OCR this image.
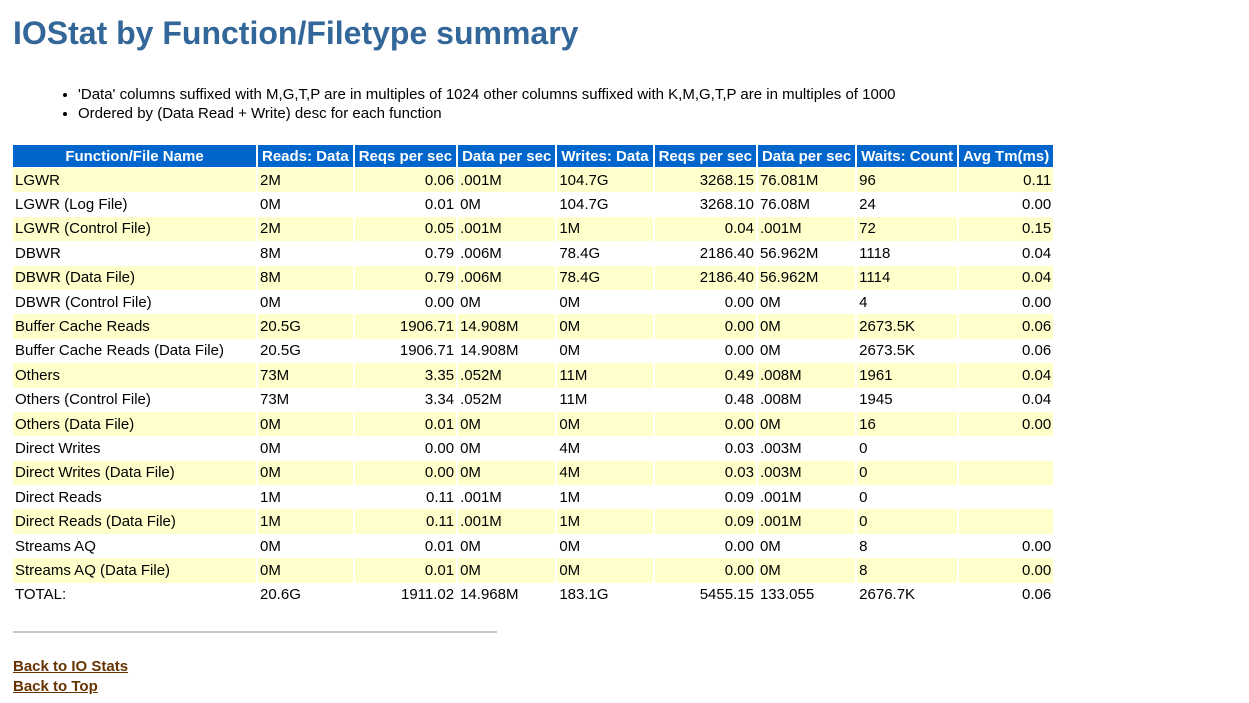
IOStat by Function/Filetype summary
• 'Data' columns suffixed with M,G,T,P are in multiples of 1024 other columns suffixed with K,M,G,T,P are in multiples of 1000
• Ordered by (Data Read + Write) desc for each function
Function/File Name	Reads: Data	Reqs per sec	Data per sec	Writes: Data	Reqs per sec	Data per sec	Waits: Count	Avg Tm(ms)
LGWR	2M	0.06	.001M	104.7G	3268.15	76.081M	96	0.11
LGWR (Log File)	0M	0.01	0M	104.7G	3268.10	76.08M	24	0.00
LGWR (Control File)	2M	0.05	.001M	1M	0.04	.001M	72	0.15
DBWR	8M	0.79	.006M	78.4G	2186.40	56.962M	1118	0.04
DBWR (Data File)	8M	0.79	.006M	78.4G	2186.40	56.962M	1114	0.04
DBWR (Control File)	0M	0.00	0M	0M	0.00	0M	4	0.00
Buffer Cache Reads	20.5G	1906.71	14.908M	0M	0.00	0M	2673.5K	0.06
Buffer Cache Reads (Data File)	20.5G	1906.71	14.908M	0M	0.00	0M	2673.5K	0.06
Others	73M	3.35	.052M	11M	0.49	.008M	1961	0.04
Others (Control File)	73M	3.34	.052M	11M	0.48	.008M	1945	0.04
Others (Data File)	0M	0.01	0M	0M	0.00	0M	16	0.00
Direct Writes	0M	0.00	0M	4M	0.03	.003M	0	
Direct Writes (Data File)	0M	0.00	0M	4M	0.03	.003M	0	
Direct Reads	1M	0.11	.001M	1M	0.09	.001M	0	
Direct Reads (Data File)	1M	0.11	.001M	1M	0.09	.001M	0	
Streams AQ	0M	0.01	0M	0M	0.00	0M	8	0.00
Streams AQ (Data File)	0M	0.01	0M	0M	0.00	0M	8	0.00
TOTAL:	20.6G	1911.02	14.968M	183.1G	5455.15	133.055	2676.7K	0.06
Back to IO Stats
Back to Top
